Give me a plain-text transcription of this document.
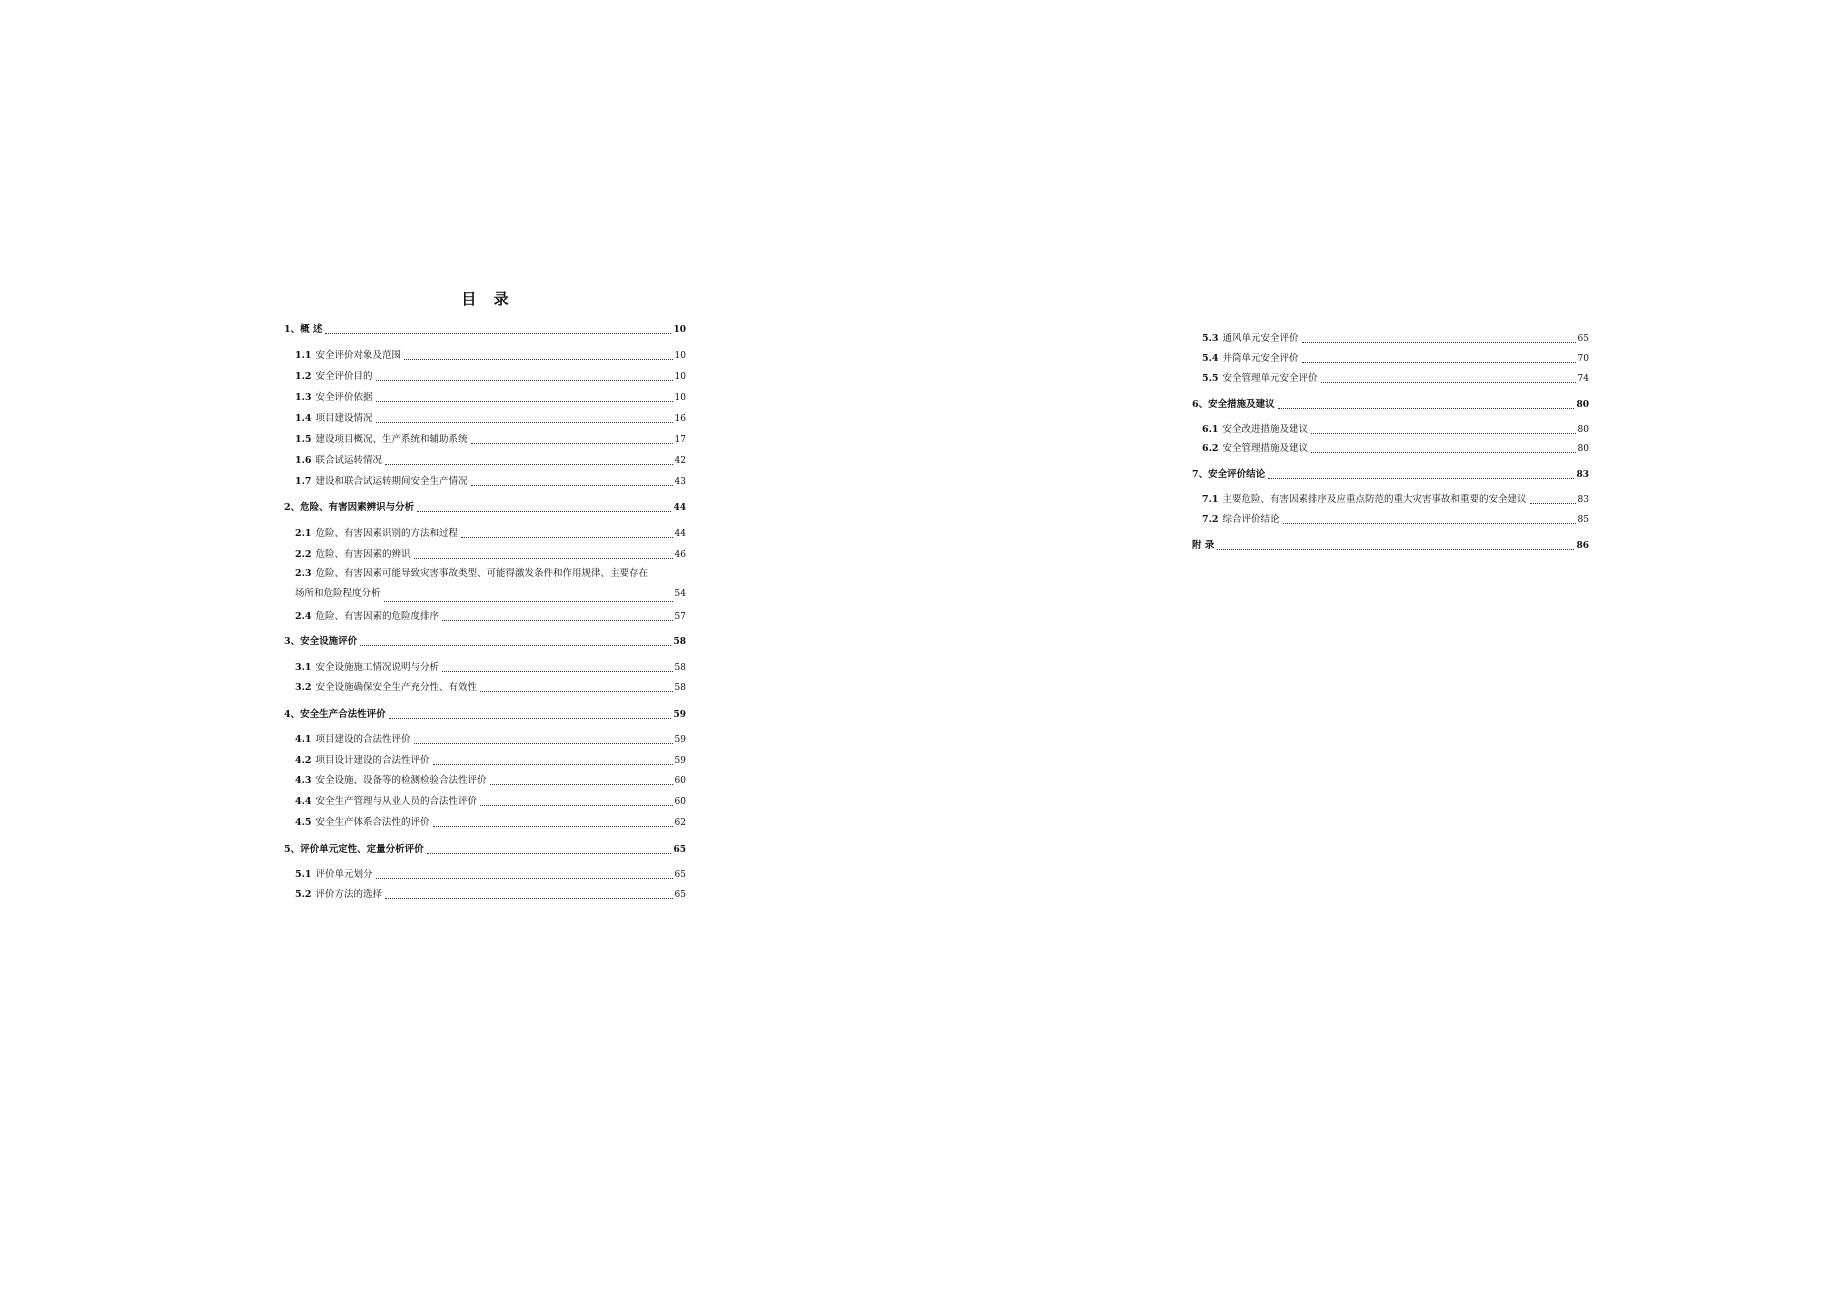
目 录
1、概 述	10
1.1 安全评价对象及范围	10
1.2 安全评价目的	10
1.3 安全评价依据	10
1.4 项目建设情况	16
1.5 建设项目概况、生产系统和辅助系统	17
1.6 联合试运转情况	42
1.7 建设和联合试运转期间安全生产情况	43
2、危险、有害因素辨识与分析	44
2.1 危险、有害因素识别的方法和过程	44
2.2 危险、有害因素的辨识	46
2.3 危险、有害因素可能导致灾害事故类型、可能得激发条件和作用规律、主要存在
场所和危险程度分析	54
2.4 危险、有害因素的危险度排序	57
3、安全设施评价	58
3.1 安全设施施工情况说明与分析	58
3.2 安全设施确保安全生产充分性、有效性	58
4、安全生产合法性评价	59
4.1 项目建设的合法性评价	59
4.2 项目设计建设的合法性评价	59
4.3 安全设施、设备等的检测检验合法性评价	60
4.4 安全生产管理与从业人员的合法性评价	60
4.5 安全生产体系合法性的评价	62
5、评价单元定性、定量分析评价	65
5.1 评价单元划分	65
5.2 评价方法的选择	65
5.3 通风单元安全评价	65
5.4 井筒单元安全评价	70
5.5 安全管理单元安全评价	74
6、安全措施及建议	80
6.1 安全改进措施及建议	80
6.2 安全管理措施及建议	80
7、安全评价结论	83
7.1 主要危险、有害因素排序及应重点防范的重大灾害事故和重要的安全建议	83
7.2 综合评价结论	85
附 录	86
